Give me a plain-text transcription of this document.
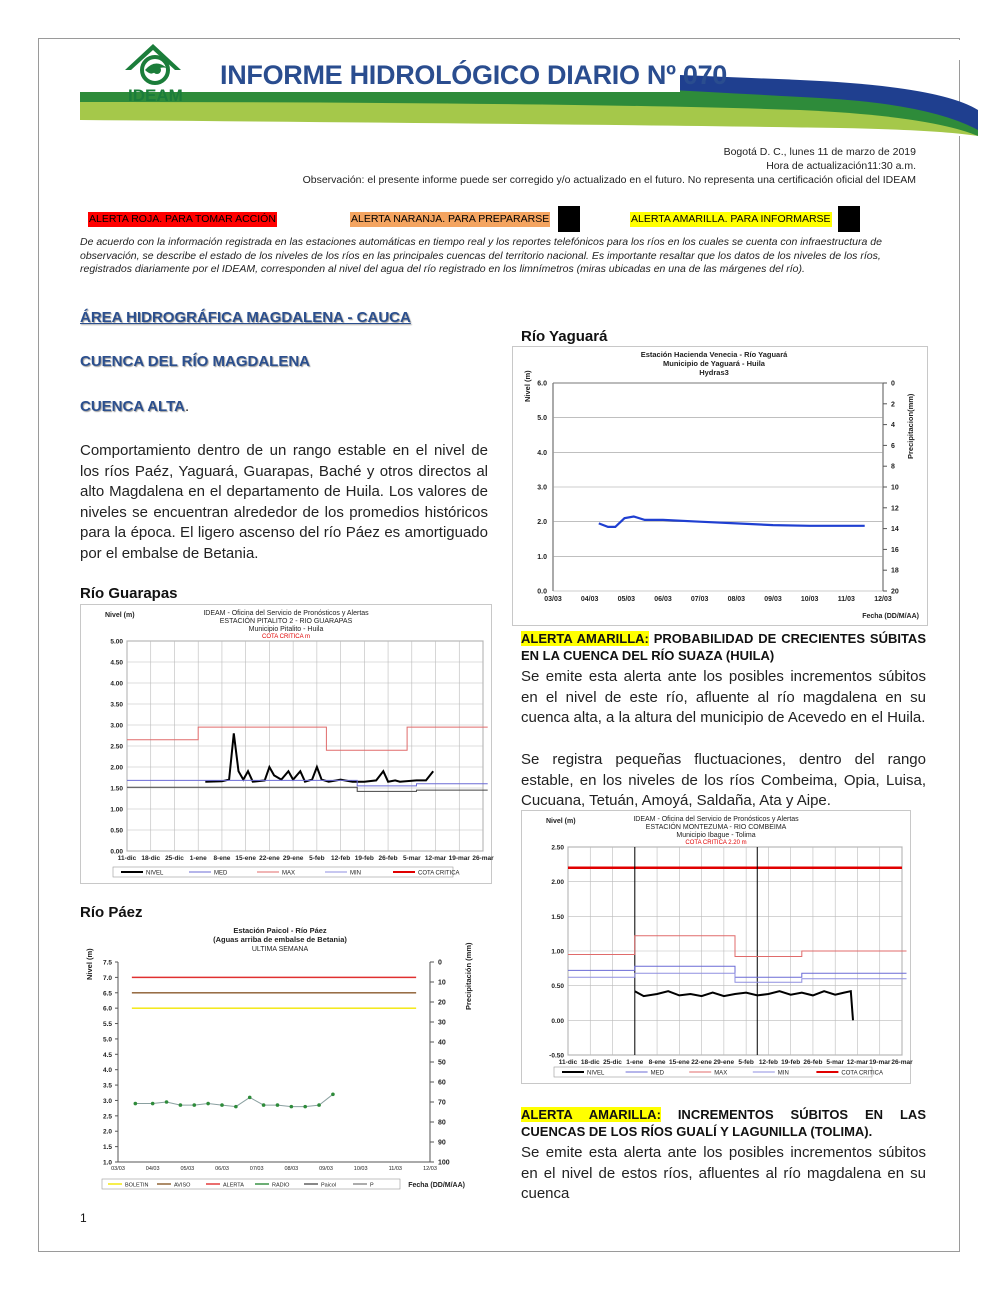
IDEAM
INFORME HIDROLÓGICO DIARIO Nº 070
Bogotá D. C., lunes 11 de marzo de 2019
Hora de actualización11:30 a.m.
Observación: el presente informe puede ser corregido y/o actualizado en el futuro. No representa una certificación oficial del IDEAM
ALERTA ROJA. PARA TOMAR ACCIÓN	ALERTA NARANJA. PARA PREPARARSE	ALERTA AMARILLA. PARA INFORMARSE
De acuerdo con la información registrada en las estaciones automáticas en tiempo real y los reportes telefónicos para los ríos en los cuales se cuenta con infraestructura de observación, se describe el estado de los niveles de los ríos en las principales cuencas del territorio nacional. Es importante resaltar que los datos de los niveles de los ríos, registrados diariamente por el IDEAM, corresponden al nivel del agua del río registrado en los limnímetros (miras ubicadas en una de las márgenes del río).
ÁREA HIDROGRÁFICA MAGDALENA - CAUCA
CUENCA DEL RÍO MAGDALENA
CUENCA ALTA.
Comportamiento dentro de un rango estable en el nivel de los ríos Paéz, Yaguará, Guarapas, Baché y otros directos al alto Magdalena en el departamento de Huila. Los valores de niveles se encuentran alrededor de los promedios históricos para la época. El ligero ascenso del río Páez es amortiguado por el embalse de Betania.
Río Guarapas
Río Páez
Río Yaguará
IDEAM - Oficina del Servicio de Pronósticos y Alertas
ESTACIÓN PITALITO 2 - RIO GUARAPAS
Municipio Pitalito - Huila
COTA CRITICA m
Nivel (m)
0.00
0.50
1.00
1.50
2.00
2.50
3.00
3.50
4.00
4.50
5.00
11-dic 18-dic 25-dic 1-ene 8-ene 15-ene 22-ene 29-ene 5-feb 12-feb 19-feb 26-feb 5-mar 12-mar 19-mar 26-mar
NIVEL	MED	MAX	MIN	COTA CRITICA
Estación Hacienda Venecia - Río Yaguará
Municipio de Yaguará - Huila
Hydras3
Nivel (m)
Precipitacion(mm)
0.0
1.0
2.0
3.0
4.0
5.0
6.0	0
2
4
6
8
10
12
14
16
18
20
03/03	04/03	05/03	06/03	07/03	08/03	09/03	10/03	11/03	12/03
Fecha (DD/M/AA)
Estación Paicol - Río Páez
(Aguas arriba de embalse de Betania)
ULTIMA SEMANA
Nivel (m)	Precipitación (mm)
1.0
1.5
2.0
2.5
3.0
3.5
4.0
4.5
5.0
5.5
6.0
6.5
7.0
7.5	0
10
20
30
40
50
60
70
80
90
100
03/03	04/03	05/03	06/03	07/03	08/03	09/03	10/03	11/03	12/03
Fecha (DD/M/AA)
BOLETIN	AVISO	ALERTA	RADIO	Paicol	P
IDEAM - Oficina del Servicio de Pronósticos y Alertas
ESTACIÓN MONTEZUMA - RIO COMBEIMA
Municipio Ibague - Tolima
COTA CRITICA 2.20 m
Nivel (m)
-0.50
0.00
0.50
1.00
1.50
2.00
2.50
11-dic 18-dic 25-dic 1-ene 8-ene 15-ene 22-ene 29-ene 5-feb 12-feb 19-feb 26-feb 5-mar 12-mar 19-mar 26-mar
NIVEL	MED	MAX	MIN	COTA CRITICA
ALERTA AMARILLA: PROBABILIDAD DE CRECIENTES SÚBITAS EN LA CUENCA DEL RÍO SUAZA (HUILA)
Se emite esta alerta ante los posibles incrementos súbitos en el nivel de este río, afluente al río magdalena en su cuenca alta, a la altura del municipio de Acevedo en el Huila.
Se registra pequeñas fluctuaciones, dentro del rango estable, en los niveles de los ríos Combeima, Opia, Luisa, Cucuana, Tetuán, Amoyá, Saldaña, Ata y Aipe.
ALERTA AMARILLA: INCREMENTOS SÚBITOS EN LAS CUENCAS DE LOS RÍOS GUALÍ Y LAGUNILLA (TOLIMA).
Se emite esta alerta ante los posibles incrementos súbitos en el nivel de estos ríos, afluentes al río magdalena en su cuenca
1
